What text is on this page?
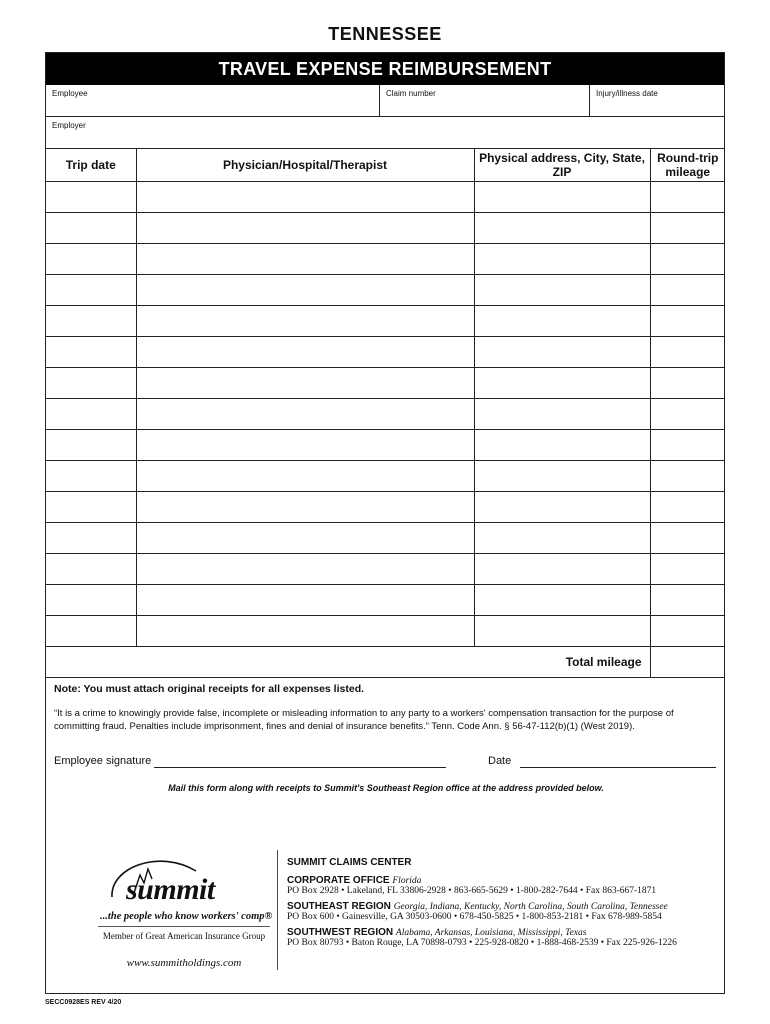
TENNESSEE
TRAVEL EXPENSE REIMBURSEMENT
Employee	Claim number	Injury/illness date
Employer
Trip date	Physician/Hospital/Therapist	Physical address, City, State, ZIP	Round-trip mileage

Total mileage			
Note: You must attach original receipts for all expenses listed.
“It is a crime to knowingly provide false, incomplete or misleading information to any party to a workers' compensation transaction for the purpose of committing fraud. Penalties include imprisonment, fines and denial of insurance benefits.” Tenn. Code Ann. § 56-47-112(b)(1) (West 2019).
Employee signature	Date
Mail this form along with receipts to Summit's Southeast Region office at the address provided below.
summit
...the people who know workers' comp®
Member of Great American Insurance Group
www.summitholdings.com
SUMMIT CLAIMS CENTER
CORPORATE OFFICE Florida
PO Box 2928 • Lakeland, FL 33806-2928 • 863-665-5629 • 1-800-282-7644 • Fax 863-667-1871
SOUTHEAST REGION Georgia, Indiana, Kentucky, North Carolina, South Carolina, Tennessee
PO Box 600 • Gainesville, GA 30503-0600 • 678-450-5825 • 1-800-853-2181 • Fax 678-989-5854
SOUTHWEST REGION Alabama, Arkansas, Louisiana, Mississippi, Texas
PO Box 80793 • Baton Rouge, LA 70898-0793 • 225-928-0820 • 1-888-468-2539 • Fax 225-926-1226
SECC0928ES REV 4/20
